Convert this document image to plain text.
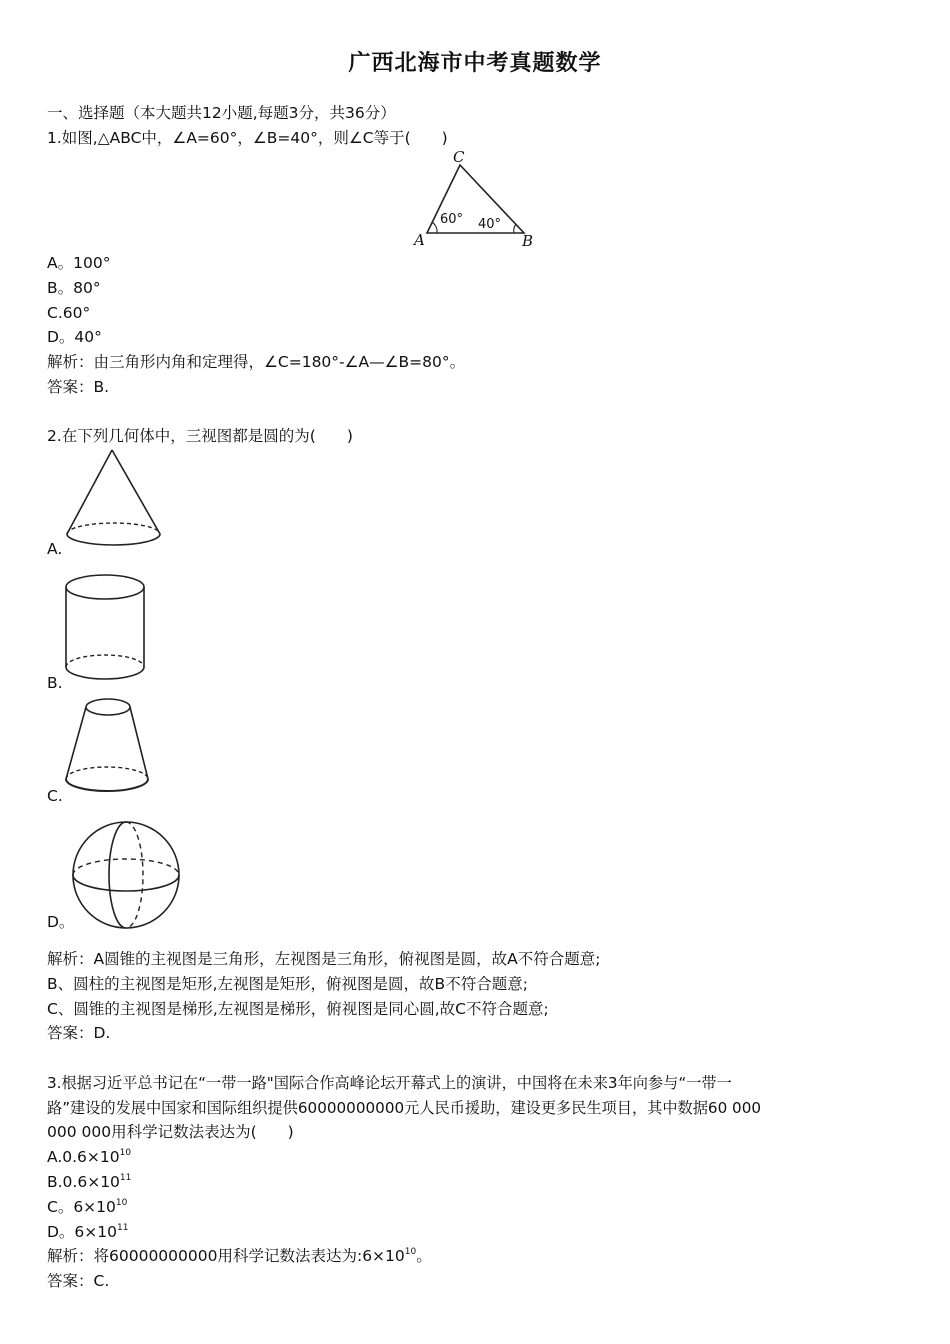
广西北海市中考真题数学
一、选择题（本大题共12小题,每题3分，共36分）
1.如图,△ABC中，∠A=60°，∠B=40°，则∠C等于(　　)
C
A	B
60° 40°
A。100°
B。80°
C.60°
D。40°
解析：由三角形内角和定理得，∠C=180°-∠A—∠B=80°。
答案：B.
2.在下列几何体中，三视图都是圆的为(　　)
A.
B.
C.
D。
解析：A圆锥的主视图是三角形，左视图是三角形，俯视图是圆，故A不符合题意;
B、圆柱的主视图是矩形,左视图是矩形，俯视图是圆，故B不符合题意;
C、圆锥的主视图是梯形,左视图是梯形，俯视图是同心圆,故C不符合题意;
答案：D.
3.根据习近平总书记在“一带一路"国际合作高峰论坛开幕式上的演讲，中国将在未来3年向参与“一带一
路”建设的发展中国家和国际组织提供60000000000元人民币援助，建设更多民生项目，其中数据60 000
000 000用科学记数法表达为(　　)
$A.0.6\times 10^{10}$
$B.0.6\times 10^{11}$
C。$6\times 10^{10}$
D。$6\times 10^{11}$
解析：将60000000000用科学记数法表达为$:6\times 10^{10}$。
答案：C.
